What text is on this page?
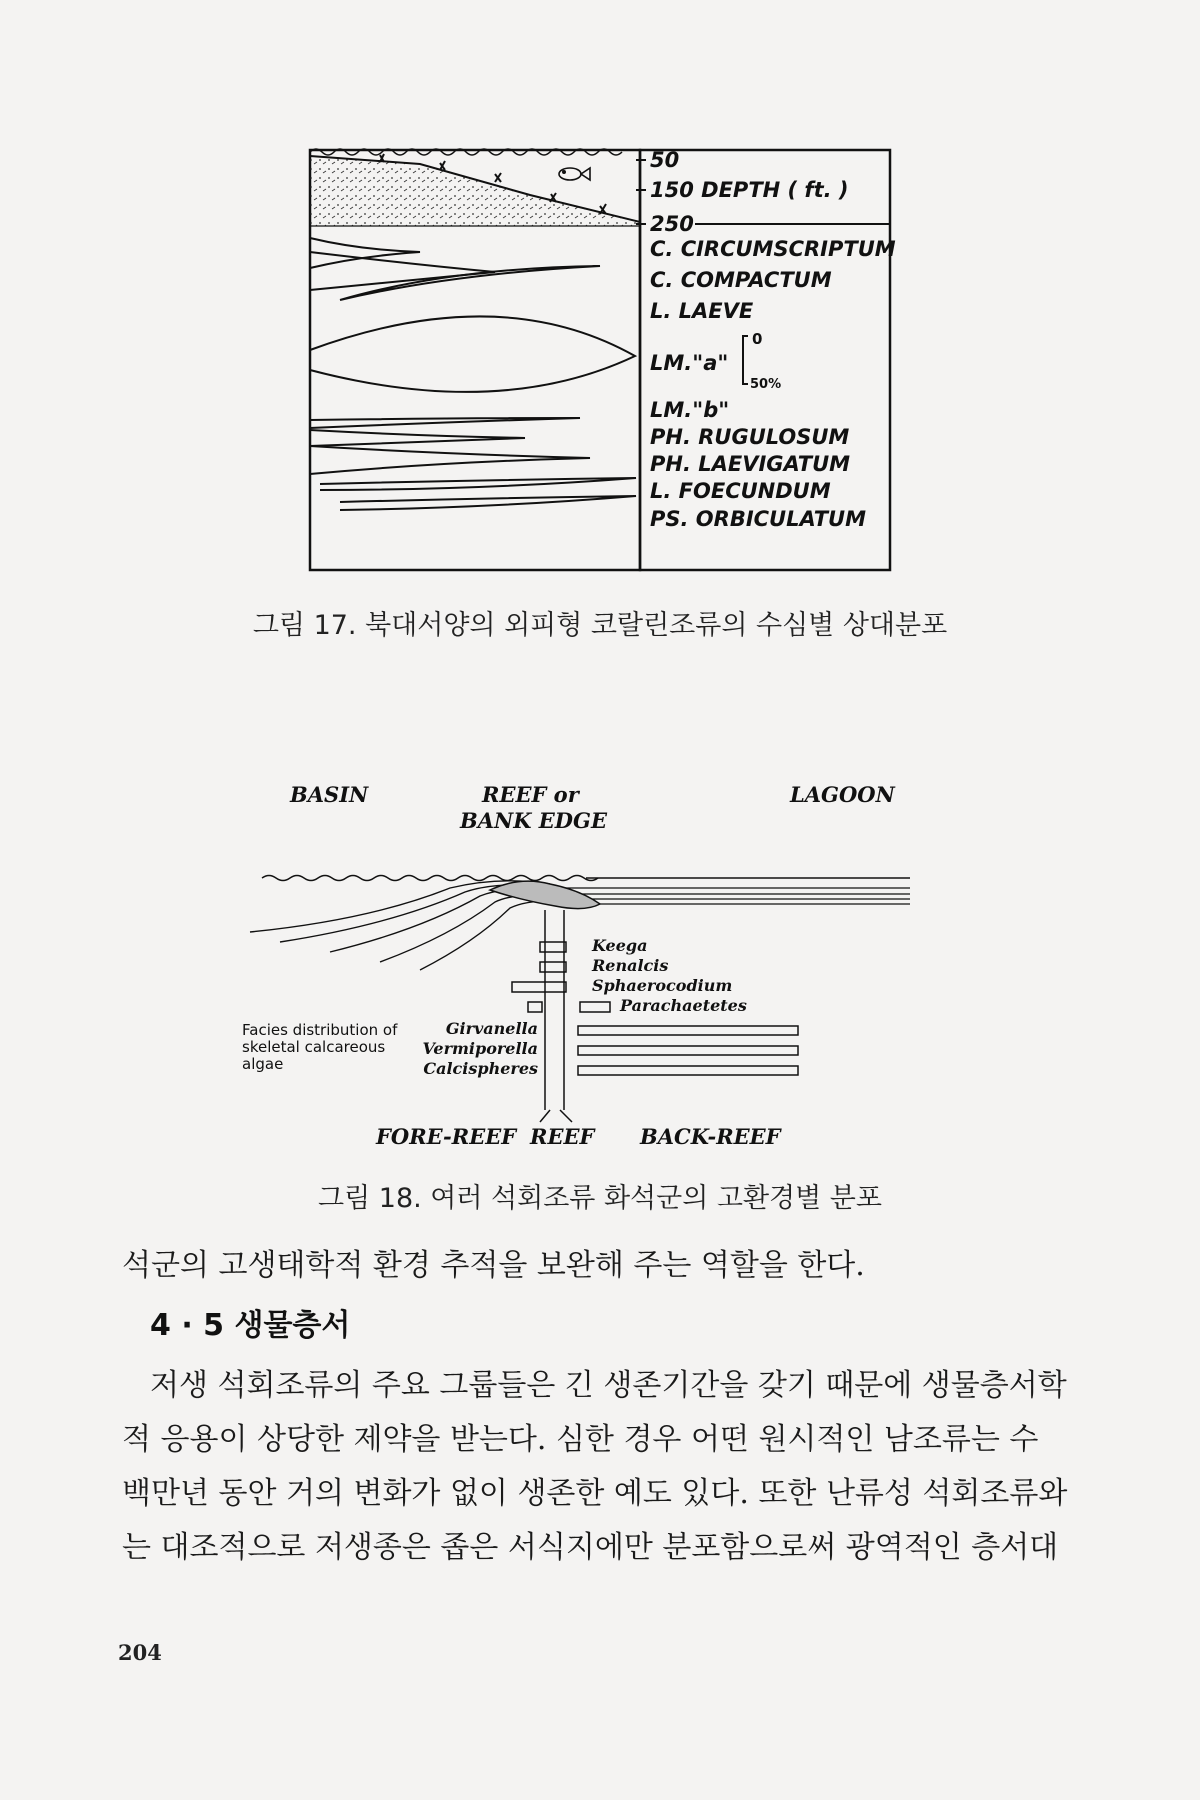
50
150 DEPTH ( ft. )
250
C. CIRCUMSCRIPTUM
C. COMPACTUM
L. LAEVE
LM."a"
LM."b"
PH. RUGULOSUM
PH. LAEVIGATUM
L. FOECUNDUM
PS. ORBICULATUM
0
50%
그림 17. 북대서양의 외피형 코랄린조류의 수심별 상대분포
BASIN	REEF or
BANK EDGE
LAGOON
Keega
Renalcis
Sphaerocodium
Parachaetetes
Girvanella
Vermiporella
Calcispheres
Facies distribution of
skeletal calcareous
algae
FORE-REEF REEF BACK-REEF
그림 18. 여러 석회조류 화석군의 고환경별 분포
석군의 고생태학적 환경 추적을 보완해 주는 역할을 한다.
4 · 5 생물층서
저생 석회조류의 주요 그룹들은 긴 생존기간을 갖기 때문에 생물층서학
적 응용이 상당한 제약을 받는다. 심한 경우 어떤 원시적인 남조류는 수
백만년 동안 거의 변화가 없이 생존한 예도 있다. 또한 난류성 석회조류와
는 대조적으로 저생종은 좁은 서식지에만 분포함으로써 광역적인 층서대
204
